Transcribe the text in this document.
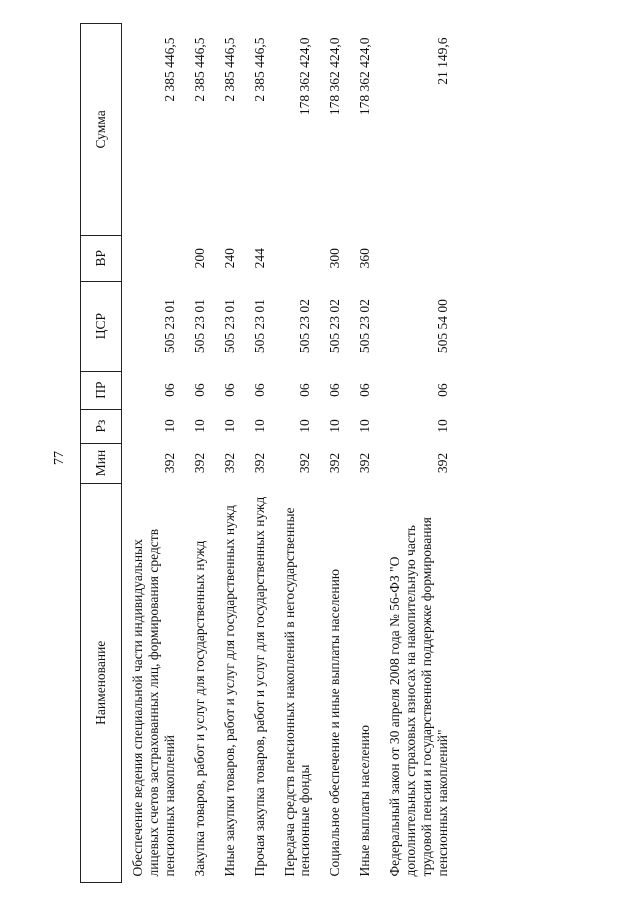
77
Наименование	Мин	Рз	ПР	ЦСР	ВР	Сумма
Обеспечение ведения специальной части индивидуальных лицевых счетов застрахованных лиц, формирования средств пенсионных накоплений	392	10	06	505 23 01		2 385 446,5
Закупка товаров, работ и услуг для государственных нужд	392	10	06	505 23 01	200	2 385 446,5
Иные закупки товаров, работ и услуг для государственных нужд	392	10	06	505 23 01	240	2 385 446,5
Прочая закупка товаров, работ и услуг для государственных нужд	392	10	06	505 23 01	244	2 385 446,5
Передача средств пенсионных накоплений в негосударственные пенсионные фонды	392	10	06	505 23 02		178 362 424,0
Социальное обеспечение и иные выплаты населению	392	10	06	505 23 02	300	178 362 424,0
Иные выплаты населению	392	10	06	505 23 02	360	178 362 424,0
Федеральный закон от 30 апреля 2008 года № 56-ФЗ "О дополнительных страховых взносах на накопительную часть трудовой пенсии и государственной поддержке формирования пенсионных накоплений"	392	10	06	505 54 00		21 149,6
